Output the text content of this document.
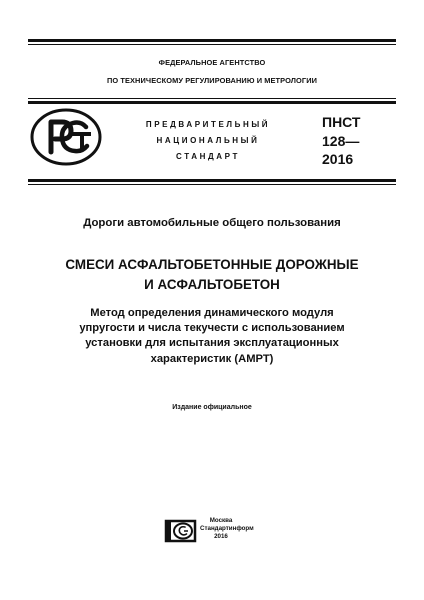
ФЕДЕРАЛЬНОЕ АГЕНТСТВО
ПО ТЕХНИЧЕСКОМУ РЕГУЛИРОВАНИЮ И МЕТРОЛОГИИ
ПРЕДВАРИТЕЛЬНЫЙ
НАЦИОНАЛЬНЫЙ
СТАНДАРТ
ПНСТ
128—
2016
Дороги автомобильные общего пользования
СМЕСИ АСФАЛЬТОБЕТОННЫЕ ДОРОЖНЫЕ
И АСФАЛЬТОБЕТОН
Метод определения динамического модуля
упругости и числа текучести с использованием
установки для испытания эксплуатационных
характеристик (АМРТ)
Издание официальное
Москва
Стандартинформ
2016
